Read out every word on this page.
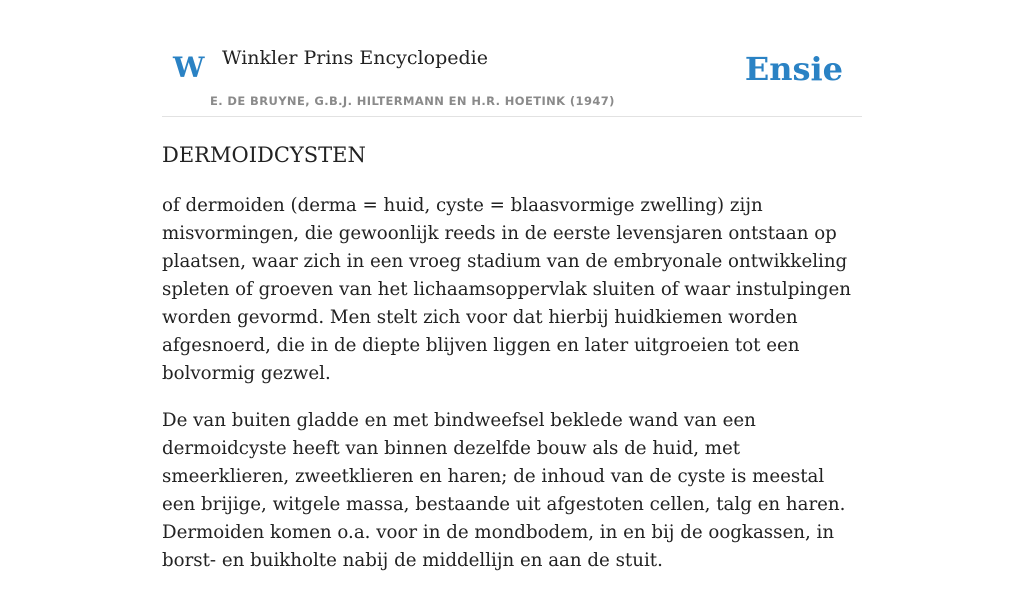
W Winkler Prins Encyclopedie
E. DE BRUYNE, G.B.J. HILTERMANN EN H.R. HOETINK (1947)
Ensie
DERMOIDCYSTEN

of dermoiden (derma = huid, cyste = blaasvormige zwelling) zijn misvormingen, die gewoonlijk reeds in de eerste levensjaren ontstaan op plaatsen, waar zich in een vroeg stadium van de embryonale ontwikkeling spleten of groeven van het lichaamsoppervlak sluiten of waar instulpingen worden gevormd. Men stelt zich voor dat hierbij huidkiemen worden afgesnoerd, die in de diepte blijven liggen en later uitgroeien tot een bolvormig gezwel.

De van buiten gladde en met bindweefsel beklede wand van een dermoidcyste heeft van binnen dezelfde bouw als de huid, met smeerklieren, zweetklieren en haren; de inhoud van de cyste is meestal een brijige, witgele massa, bestaande uit afgestoten cellen, talg en haren. Dermoiden komen o.a. voor in de mondbodem, in en bij de oogkassen, in borst- en buikholte nabij de middellijn en aan de stuit.
